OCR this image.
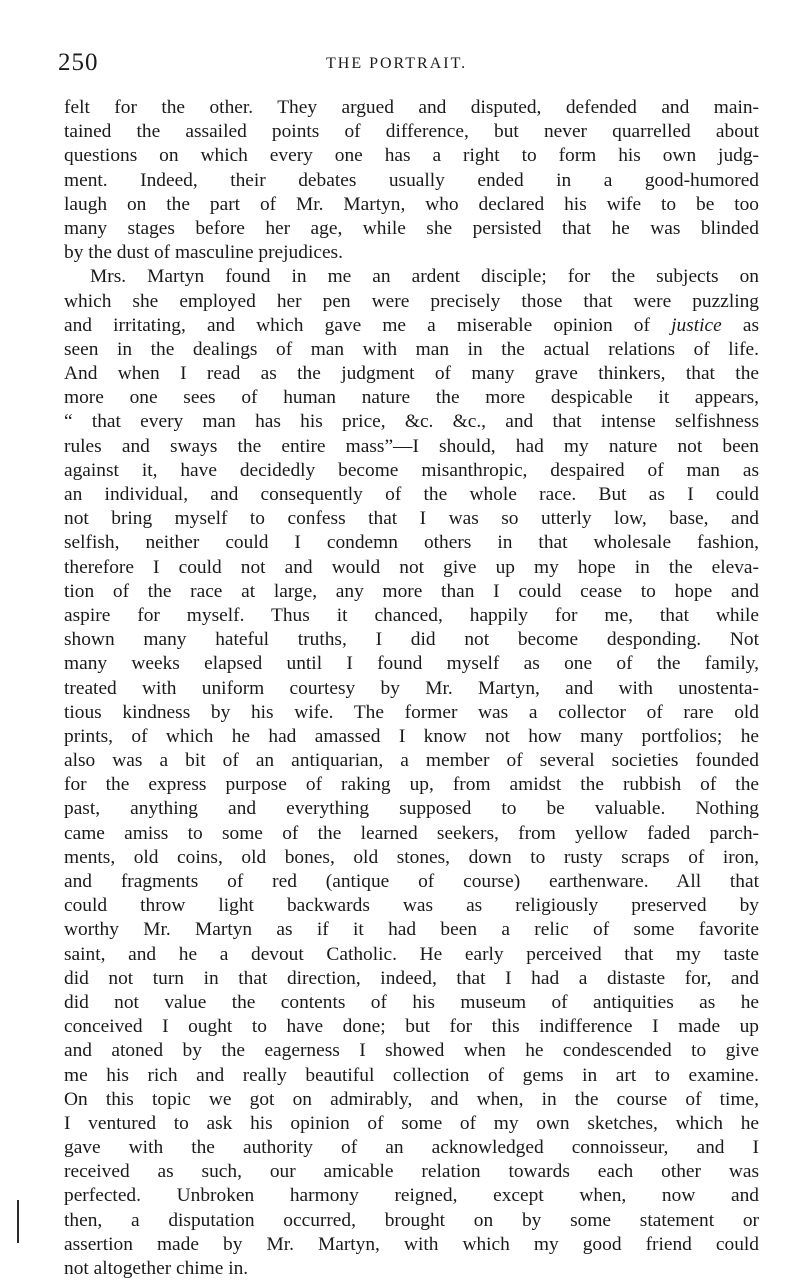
250	THE PORTRAIT.
felt for the other. They argued and disputed, defended and main-
tained the assailed points of difference, but never quarrelled about
questions on which every one has a right to form his own judg-
ment. Indeed, their debates usually ended in a good-humored
laugh on the part of Mr. Martyn, who declared his wife to be too
many stages before her age, while she persisted that he was blinded
by the dust of masculine prejudices.
Mrs. Martyn found in me an ardent disciple; for the subjects on
which she employed her pen were precisely those that were puzzling
and irritating, and which gave me a miserable opinion of justice as
seen in the dealings of man with man in the actual relations of life.
And when I read as the judgment of many grave thinkers, that the
more one sees of human nature the more despicable it appears,
“ that every man has his price, &c. &c., and that intense selfishness
rules and sways the entire mass”—I should, had my nature not been
against it, have decidedly become misanthropic, despaired of man as
an individual, and consequently of the whole race. But as I could
not bring myself to confess that I was so utterly low, base, and
selfish, neither could I condemn others in that wholesale fashion,
therefore I could not and would not give up my hope in the eleva-
tion of the race at large, any more than I could cease to hope and
aspire for myself. Thus it chanced, happily for me, that while
shown many hateful truths, I did not become desponding. Not
many weeks elapsed until I found myself as one of the family,
treated with uniform courtesy by Mr. Martyn, and with unostenta-
tious kindness by his wife. The former was a collector of rare old
prints, of which he had amassed I know not how many portfolios; he
also was a bit of an antiquarian, a member of several societies founded
for the express purpose of raking up, from amidst the rubbish of the
past, anything and everything supposed to be valuable. Nothing
came amiss to some of the learned seekers, from yellow faded parch-
ments, old coins, old bones, old stones, down to rusty scraps of iron,
and fragments of red (antique of course) earthenware. All that
could throw light backwards was as religiously preserved by
worthy Mr. Martyn as if it had been a relic of some favorite
saint, and he a devout Catholic. He early perceived that my taste
did not turn in that direction, indeed, that I had a distaste for, and
did not value the contents of his museum of antiquities as he
conceived I ought to have done; but for this indifference I made up
and atoned by the eagerness I showed when he condescended to give
me his rich and really beautiful collection of gems in art to examine.
On this topic we got on admirably, and when, in the course of time,
I ventured to ask his opinion of some of my own sketches, which he
gave with the authority of an acknowledged connoisseur, and I
received as such, our amicable relation towards each other was
perfected. Unbroken harmony reigned, except when, now and
then, a disputation occurred, brought on by some statement or
assertion made by Mr. Martyn, with which my good friend could
not altogether chime in.
